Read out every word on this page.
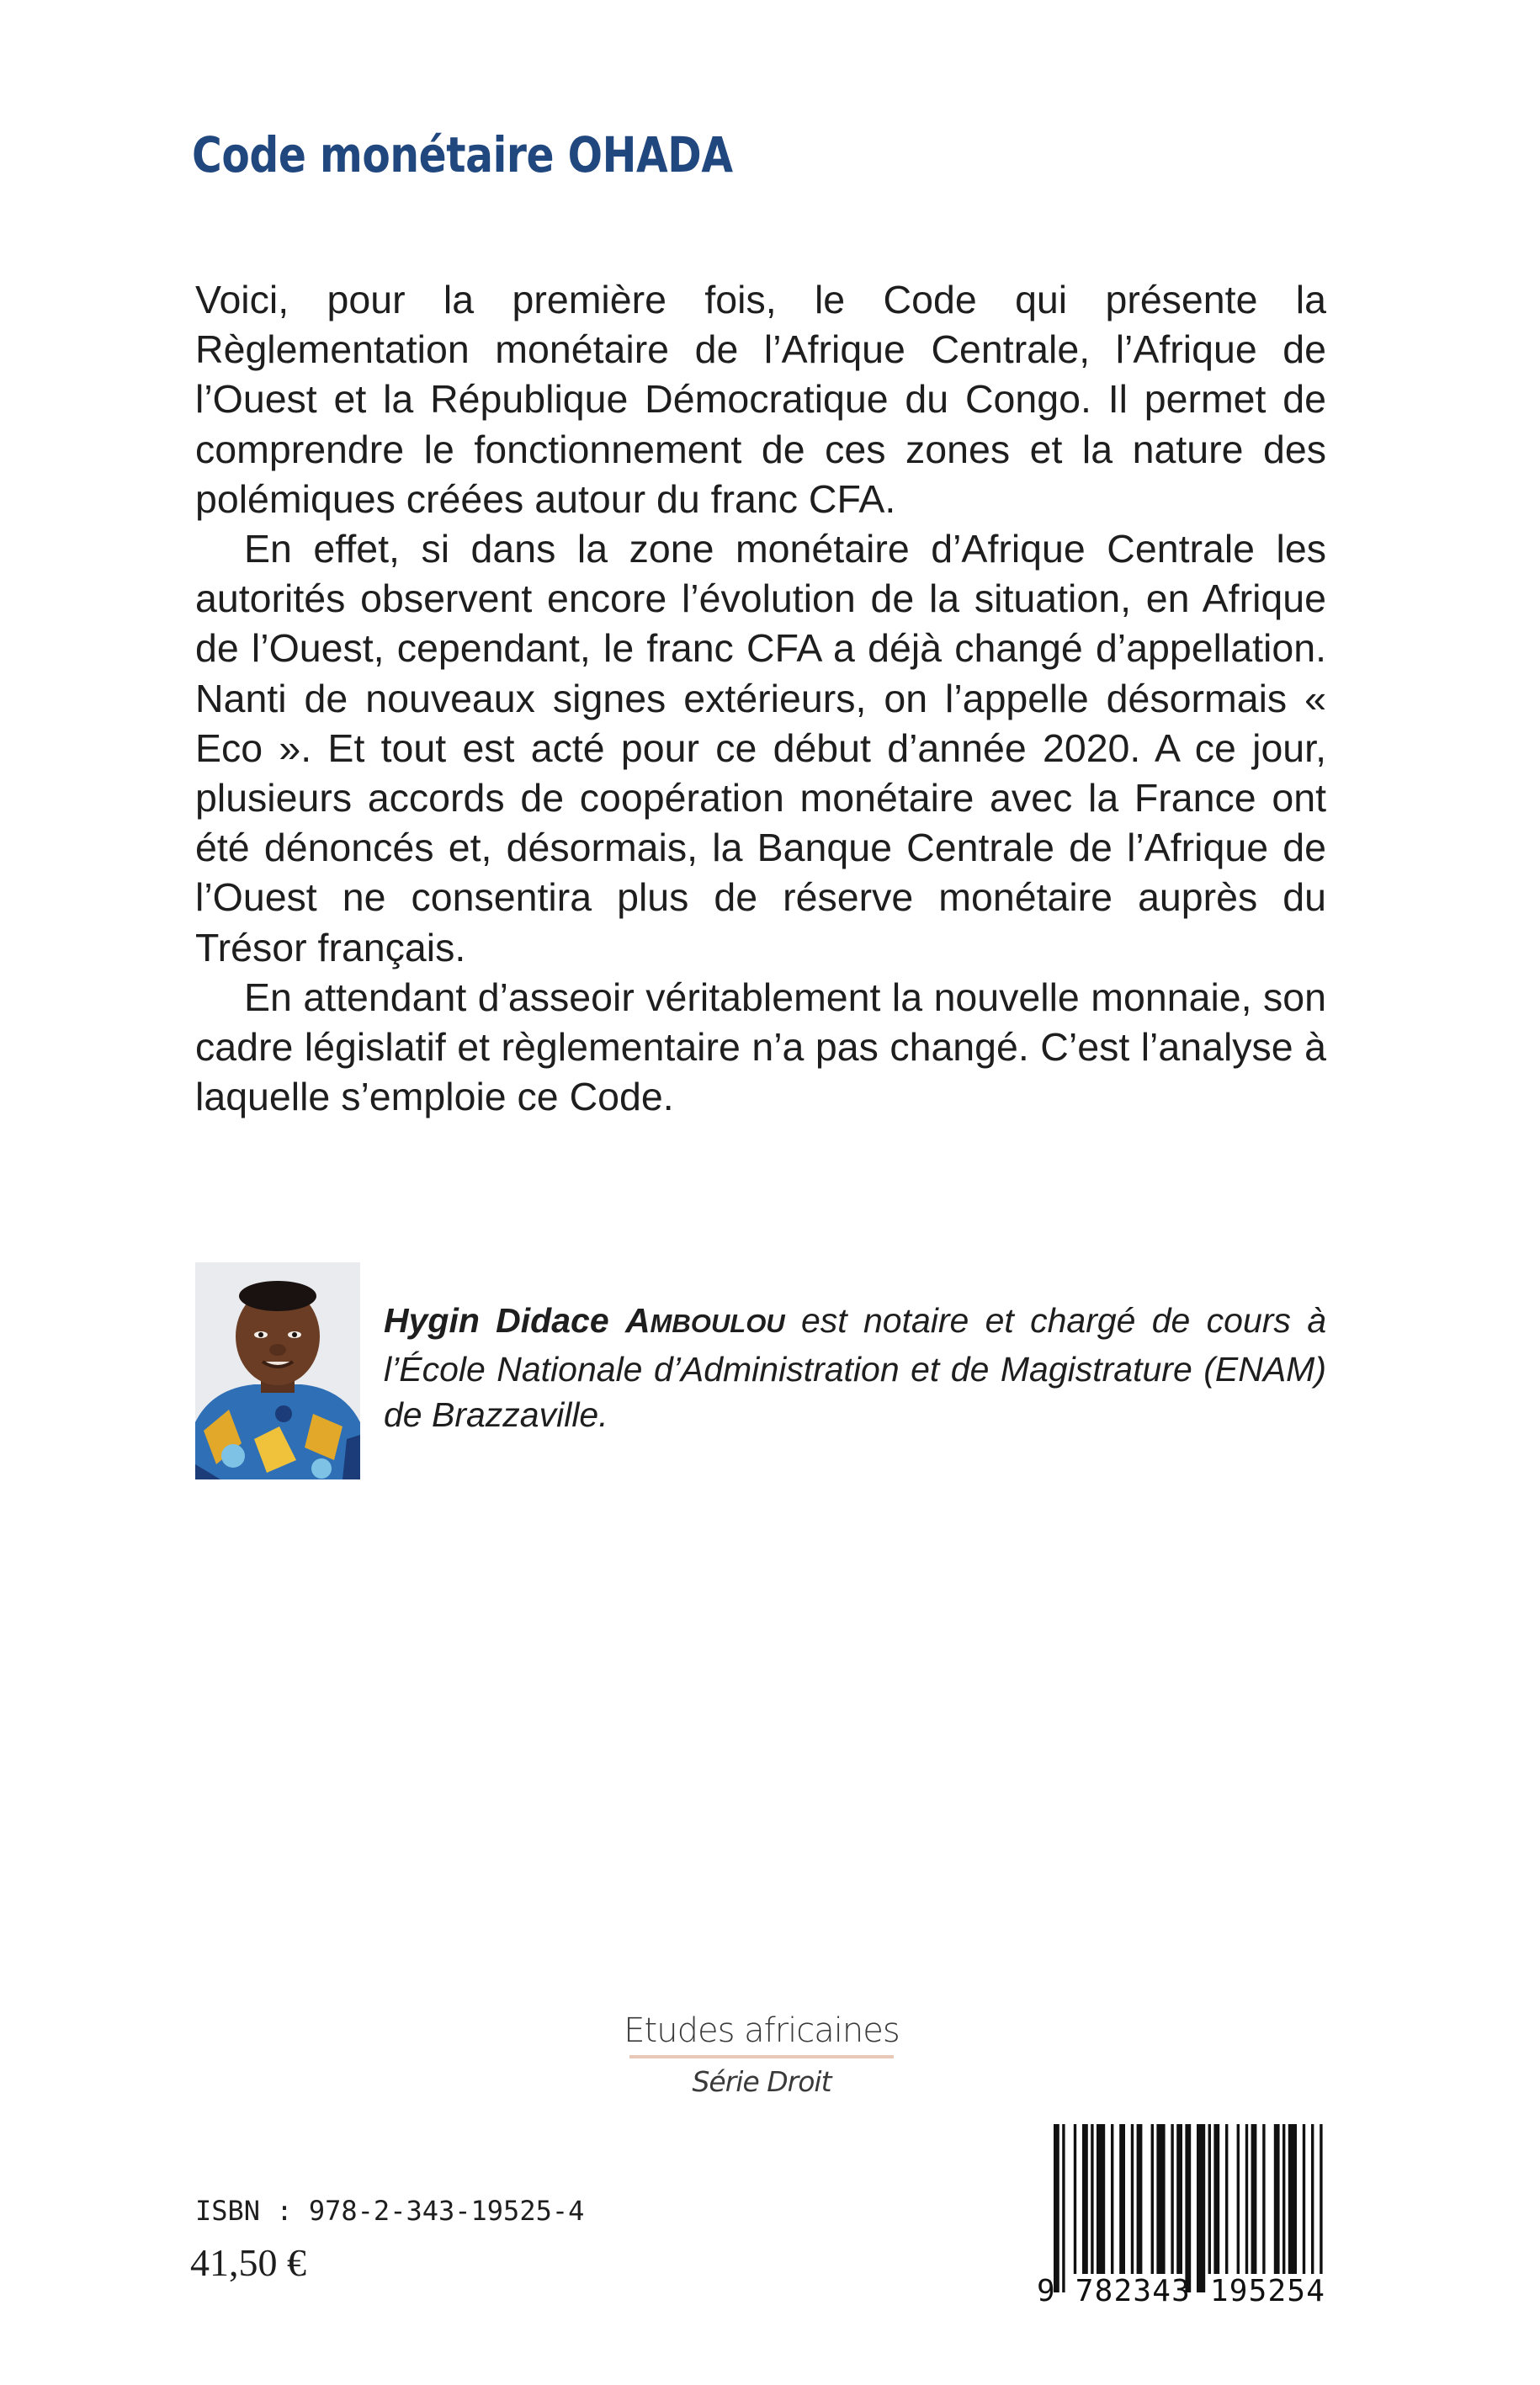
Code monétaire OHADA

Voici, pour la première fois, le Code qui présente la Règlementation monétaire de l’Afrique Centrale, l’Afrique de l’Ouest et la République Démocratique du Congo. Il permet de comprendre le fonctionnement de ces zones et la nature des polémiques créées autour du franc CFA.

En effet, si dans la zone monétaire d’Afrique Centrale les autorités observent encore l’évolution de la situation, en Afrique de l’Ouest, cependant, le franc CFA a déjà changé d’appellation. Nanti de nouveaux signes extérieurs, on l’appelle désormais « Eco ». Et tout est acté pour ce début d’année 2020. A ce jour, plusieurs accords de coopération monétaire avec la France ont été dénoncés et, désormais, la Banque Centrale de l’Afrique de l’Ouest ne consentira plus de réserve monétaire auprès du Trésor français.

En attendant d’asseoir véritablement la nouvelle monnaie, son cadre législatif et règlementaire n’a pas changé. C’est l’analyse à laquelle s’emploie ce Code.

Hygin Didace AMBOULOU est notaire et chargé de cours à l’École Nationale d’Administration et de Magistrature (ENAM) de Brazzaville.
Etudes africaines
Série Droit
ISBN : 978-2-343-19525-4
41,50 €
9 782343 195254
